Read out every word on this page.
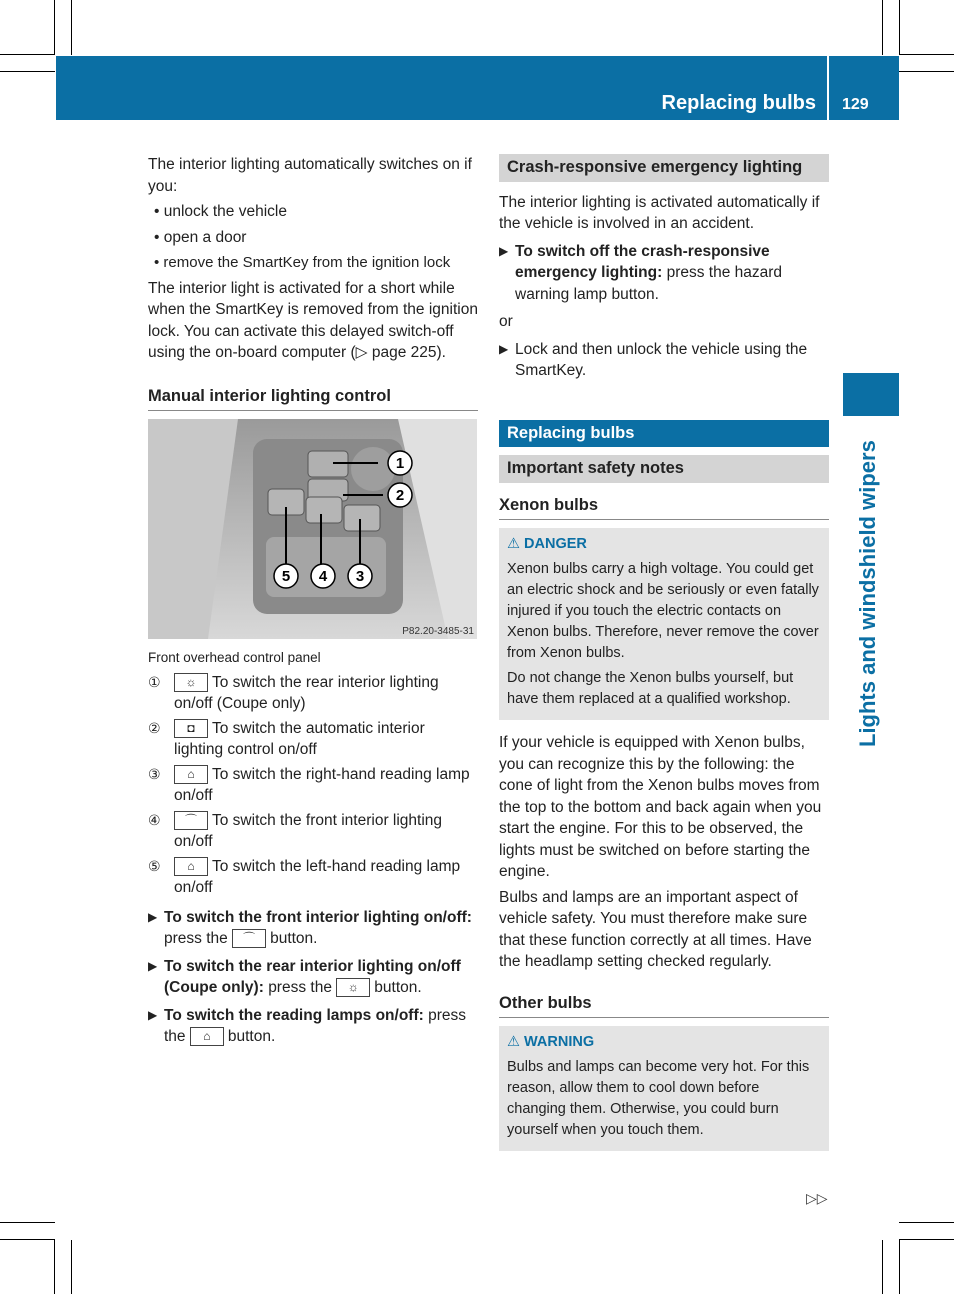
Replacing bulbs 129
Lights and windshield wipers

The interior lighting automatically switches on if you:

• unlock the vehicle
• open a door
• remove the SmartKey from the ignition lock

The interior light is activated for a short while when the SmartKey is removed from the ignition lock. You can activate this delayed switch-off using the on-board computer (▷ page 225).

Manual interior lighting control
1
2
3
4
5
P82.20-3485-31
Front overhead control panel
①	☼ To switch the rear interior lighting on/off (Coupe only)
②	◘ To switch the automatic interior lighting control on/off
③	⌂ To switch the right-hand reading lamp on/off
④	⌒ To switch the front interior lighting on/off
⑤	⌂ To switch the left-hand reading lamp on/off
▶ To switch the front interior lighting on/off: press the ⌒ button.
▶ To switch the rear interior lighting on/off (Coupe only): press the ☼ button.
▶ To switch the reading lamps on/off: press the ⌂ button.
Crash-responsive emergency lighting

The interior lighting is activated automatically if the vehicle is involved in an accident.

▶ To switch off the crash-responsive emergency lighting: press the hazard warning lamp button.

or

▶ Lock and then unlock the vehicle using the SmartKey.
Replacing bulbs
Important safety notes
Xenon bulbs
⚠ DANGER

Xenon bulbs carry a high voltage. You could get an electric shock and be seriously or even fatally injured if you touch the electric contacts on Xenon bulbs. Therefore, never remove the cover from Xenon bulbs.

Do not change the Xenon bulbs yourself, but have them replaced at a qualified workshop.

If your vehicle is equipped with Xenon bulbs, you can recognize this by the following: the cone of light from the Xenon bulbs moves from the top to the bottom and back again when you start the engine. For this to be observed, the lights must be switched on before starting the engine.

Bulbs and lamps are an important aspect of vehicle safety. You must therefore make sure that these function correctly at all times. Have the headlamp setting checked regularly.

Other bulbs
⚠ WARNING

Bulbs and lamps can become very hot. For this reason, allow them to cool down before changing them. Otherwise, you could burn yourself when you touch them.

▷▷
